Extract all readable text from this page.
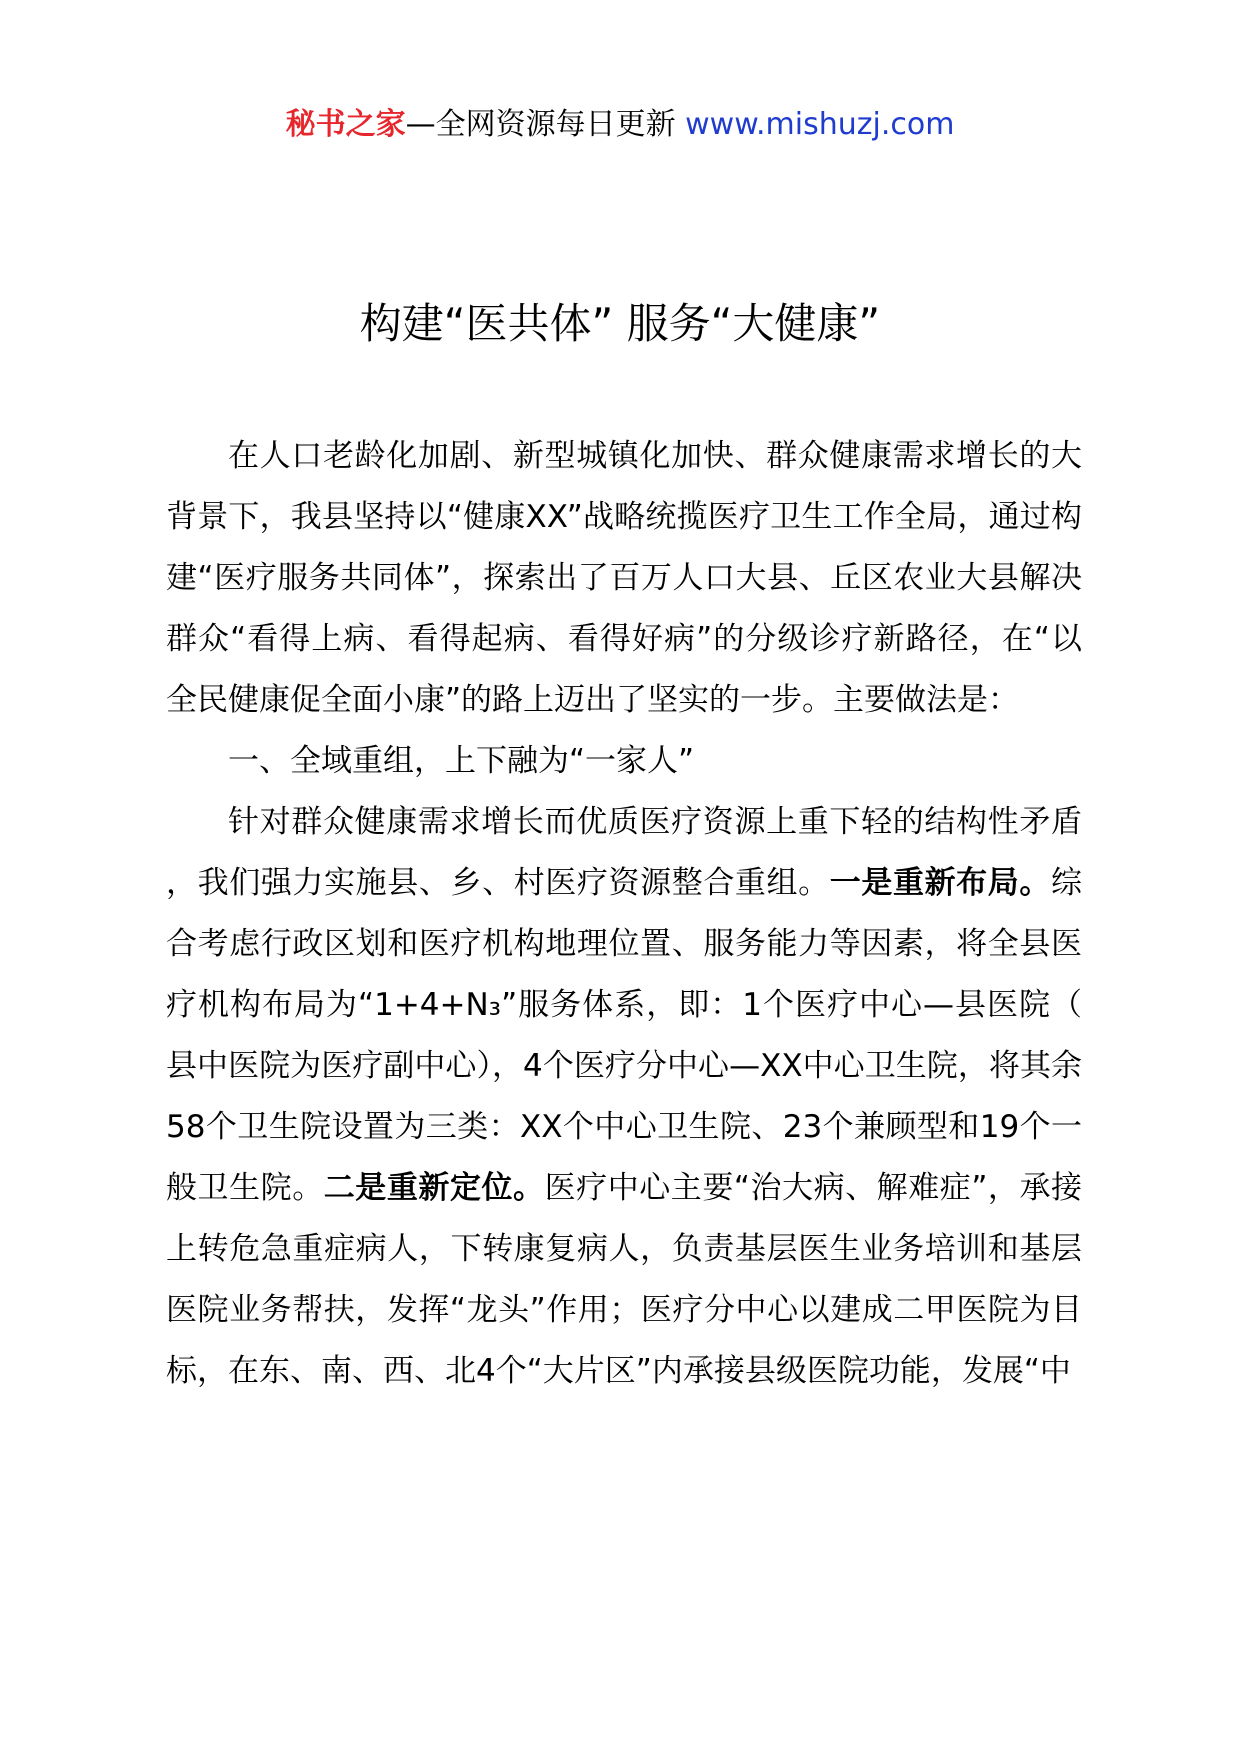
秘书之家—全网资源每日更新 www.mishuzj.com
构建“医共体” 服务“大健康”

在人口老龄化加剧、新型城镇化加快、群众健康需求增长的大背景下，我县坚持以“健康XX”战略统揽医疗卫生工作全局，通过构建“医疗服务共同体”，探索出了百万人口大县、丘区农业大县解决群众“看得上病、看得起病、看得好病”的分级诊疗新路径，在“以全民健康促全面小康”的路上迈出了坚实的一步。主要做法是：

一、全域重组，上下融为“一家人”

针对群众健康需求增长而优质医疗资源上重下轻的结构性矛盾，我们强力实施县、乡、村医疗资源整合重组。一是重新布局。综合考虑行政区划和医疗机构地理位置、服务能力等因素，将全县医疗机构布局为“1+4+N₃”服务体系，即：1个医疗中心—县医院（县中医院为医疗副中心），4个医疗分中心—XX中心卫生院，将其余58个卫生院设置为三类：XX个中心卫生院、23个兼顾型和19个一般卫生院。二是重新定位。医疗中心主要“治大病、解难症”，承接上转危急重症病人，下转康复病人，负责基层医生业务培训和基层医院业务帮扶，发挥“龙头”作用；医疗分中心以建成二甲医院为目标，在东、南、西、北4个“大片区”内承接县级医院功能，发展“中
